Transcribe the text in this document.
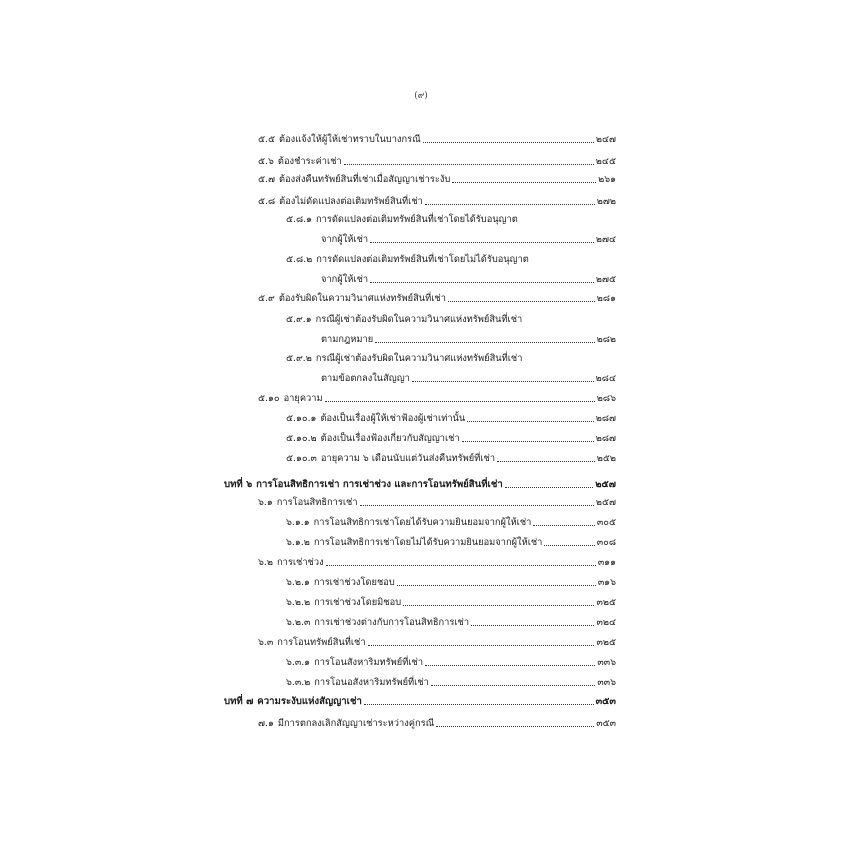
(๙)
๕.๕ ต้องแจ้งให้ผู้ให้เช่าทราบในบางกรณี	๒๔๗
๕.๖ ต้องชำระค่าเช่า	๒๔๕
๕.๗ ต้องส่งคืนทรัพย์สินที่เช่าเมื่อสัญญาเช่าระงับ	๒๖๑
๕.๘ ต้องไม่ดัดแปลงต่อเติมทรัพย์สินที่เช่า	๒๗๒
๕.๘.๑ การดัดแปลงต่อเติมทรัพย์สินที่เช่าโดยได้รับอนุญาต
จากผู้ให้เช่า	๒๗๔
๕.๘.๒ การดัดแปลงต่อเติมทรัพย์สินที่เช่าโดยไม่ได้รับอนุญาต
จากผู้ให้เช่า	๒๗๕
๕.๙ ต้องรับผิดในความวินาศแห่งทรัพย์สินที่เช่า	๒๘๑
๕.๙.๑ กรณีผู้เช่าต้องรับผิดในความวินาศแห่งทรัพย์สินที่เช่า
ตามกฎหมาย	๒๘๒
๕.๙.๒ กรณีผู้เช่าต้องรับผิดในความวินาศแห่งทรัพย์สินที่เช่า
ตามข้อตกลงในสัญญา	๒๘๔
๕.๑๐ อายุความ	๒๘๖
๕.๑๐.๑ ต้องเป็นเรื่องผู้ให้เช่าฟ้องผู้เช่าเท่านั้น	๒๘๗
๕.๑๐.๒ ต้องเป็นเรื่องฟ้องเกี่ยวกับสัญญาเช่า	๒๘๗
๕.๑๐.๓ อายุความ ๖ เดือนนับแต่วันส่งคืนทรัพย์ที่เช่า	๒๕๒
บทที่ ๖ การโอนสิทธิการเช่า การเช่าช่วง และการโอนทรัพย์สินที่เช่า	๒๕๗
๖.๑ การโอนสิทธิการเช่า	๒๕๗
๖.๑.๑ การโอนสิทธิการเช่าโดยได้รับความยินยอมจากผู้ให้เช่า	๓๐๕
๖.๑.๒ การโอนสิทธิการเช่าโดยไม่ได้รับความยินยอมจากผู้ให้เช่า	๓๐๘
๖.๒ การเช่าช่วง	๓๑๑
๖.๒.๑ การเช่าช่วงโดยชอบ	๓๑๖
๖.๒.๒ การเช่าช่วงโดยมิชอบ	๓๒๕
๖.๒.๓ การเช่าช่วงต่างกับการโอนสิทธิการเช่า	๓๒๔
๖.๓ การโอนทรัพย์สินที่เช่า	๓๒๕
๖.๓.๑ การโอนสังหาริมทรัพย์ที่เช่า	๓๓๖
๖.๓.๒ การโอนอสังหาริมทรัพย์ที่เช่า	๓๓๖
บทที่ ๗ ความระงับแห่งสัญญาเช่า	๓๕๓
๗.๑ มีการตกลงเลิกสัญญาเช่าระหว่างคู่กรณี	๓๕๓
